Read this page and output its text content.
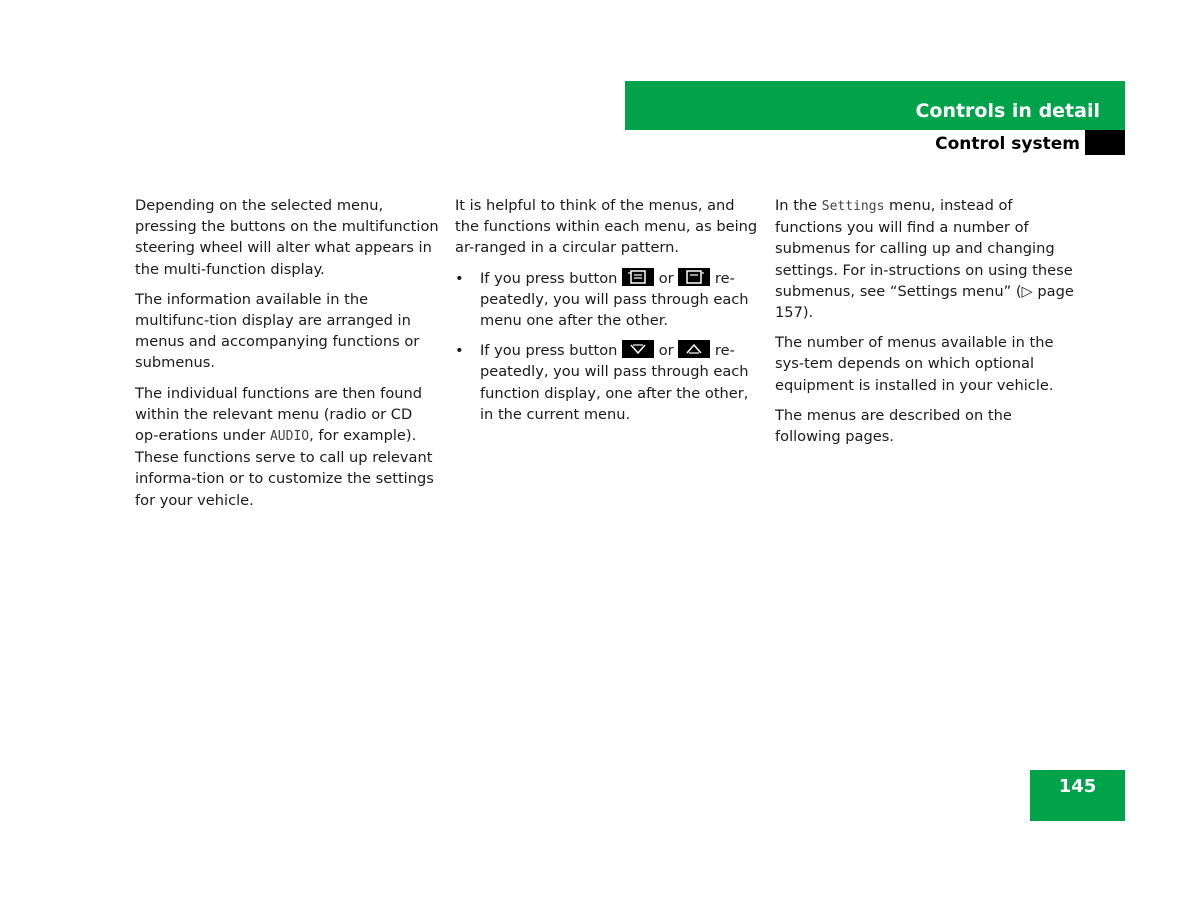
Controls in detail
Control system

Depending on the selected menu, pressing the buttons on the multifunction steering wheel will alter what appears in the multi-function display.

The information available in the multifunc-tion display are arranged in menus and accompanying functions or submenus.

The individual functions are then found within the relevant menu (radio or CD op-erations under AUDIO, for example). These functions serve to call up relevant informa-tion or to customize the settings for your vehicle.

It is helpful to think of the menus, and the functions within each menu, as being ar-ranged in a circular pattern.

•	If you press button
or
re-peatedly, you will pass through each menu one after the other.
•	If you press button
or
re-peatedly, you will pass through each function display, one after the other, in the current menu.

In the Settings menu, instead of functions you will find a number of submenus for calling up and changing settings. For in-structions on using these submenus, see “Settings menu” (▷ page 157).

The number of menus available in the sys-tem depends on which optional equipment is installed in your vehicle.

The menus are described on the following pages.

145
